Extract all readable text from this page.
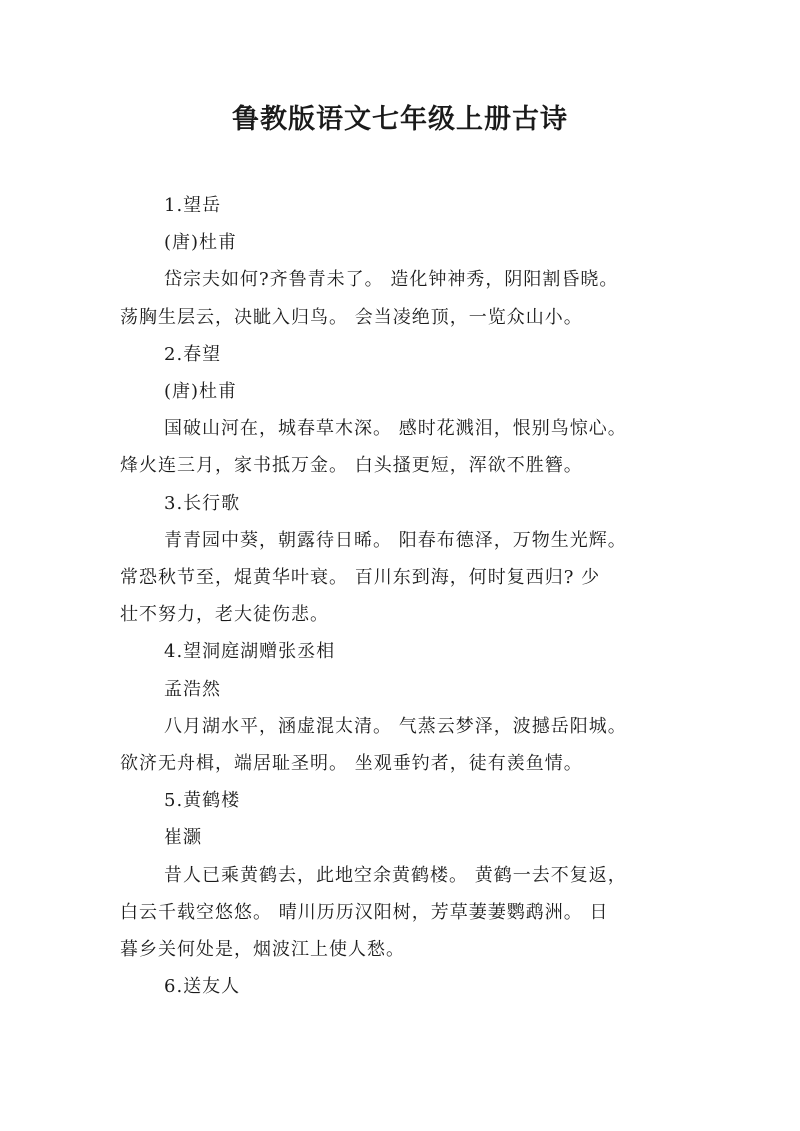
鲁教版语文七年级上册古诗
1.望岳
(唐)杜甫
岱宗夫如何?齐鲁青未了。 造化钟神秀，阴阳割昏晓。
荡胸生层云，决眦入归鸟。 会当凌绝顶，一览众山小。
2.春望
(唐)杜甫
国破山河在，城春草木深。 感时花溅泪，恨别鸟惊心。
烽火连三月，家书抵万金。 白头搔更短，浑欲不胜簪。
3.长行歌
青青园中葵，朝露待日晞。 阳春布德泽，万物生光辉。
常恐秋节至，焜黄华叶衰。 百川东到海，何时复西归? 少
壮不努力，老大徒伤悲。
4.望洞庭湖赠张丞相
孟浩然
八月湖水平，涵虚混太清。 气蒸云梦泽，波撼岳阳城。
欲济无舟楫，端居耻圣明。 坐观垂钓者，徒有羡鱼情。
5.黄鹤楼
崔灏
昔人已乘黄鹤去，此地空余黄鹤楼。 黄鹤一去不复返，
白云千载空悠悠。 晴川历历汉阳树，芳草萋萋鹦鹉洲。 日
暮乡关何处是，烟波江上使人愁。
6.送友人
